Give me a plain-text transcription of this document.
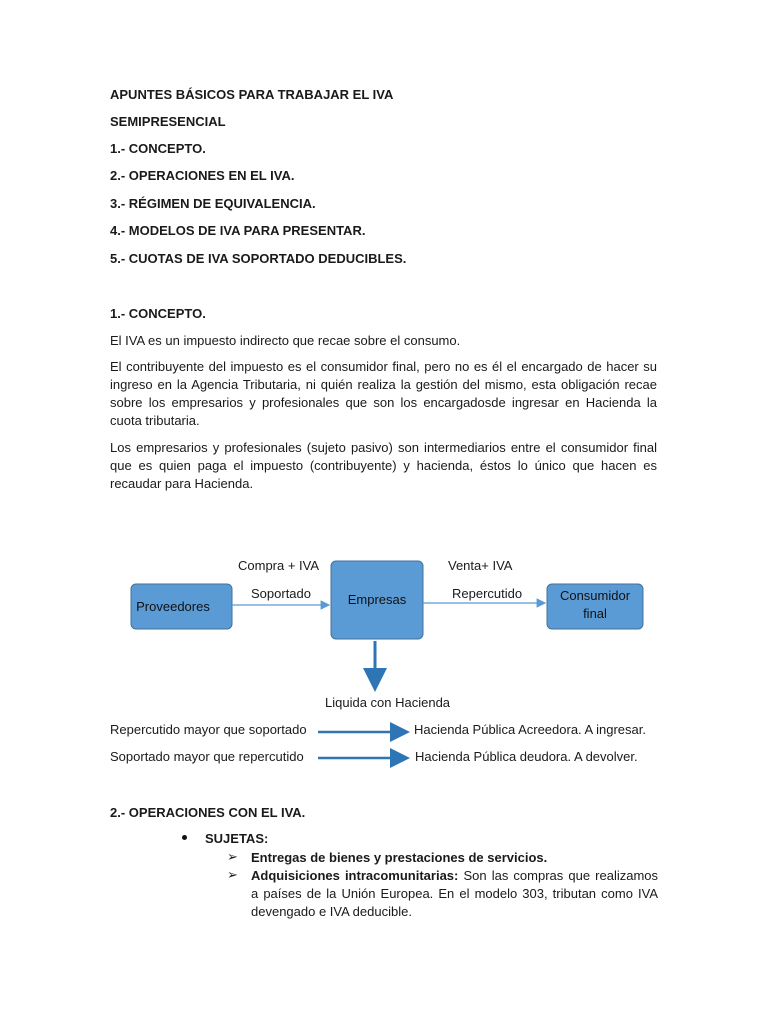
APUNTES BÁSICOS PARA TRABAJAR EL IVA
SEMIPRESENCIAL
1.- CONCEPTO.
2.- OPERACIONES EN EL IVA.
3.- RÉGIMEN DE EQUIVALENCIA.
4.- MODELOS DE IVA PARA PRESENTAR.
5.- CUOTAS DE IVA SOPORTADO DEDUCIBLES.
1.- CONCEPTO.
El IVA es un impuesto indirecto que recae sobre el consumo.
El contribuyente del impuesto es el consumidor final, pero no es él el encargado de hacer su ingreso en la Agencia Tributaria, ni quién realiza la gestión del mismo, esta obligación recae sobre los empresarios y profesionales que son los encargadosde ingresar en Hacienda la cuota tributaria.
Los empresarios y profesionales (sujeto pasivo) son intermediarios entre el consumidor final que es quien paga el impuesto (contribuyente) y hacienda, éstos lo único que hacen es recaudar para Hacienda.
Proveedores	Empresas	Consumidor
final
Compra + IVA
Soportado
Venta+ IVA
Repercutido
Liquida con Hacienda
Repercutido mayor que soportado	Hacienda Pública Acreedora. A ingresar.
Soportado mayor que repercutido	Hacienda Pública deudora. A devolver.
2.- OPERACIONES CON EL IVA.
SUJETAS:
➢ Entregas de bienes y prestaciones de servicios.
➢ Adquisiciones intracomunitarias: Son las compras que realizamos a países de la Unión Europea. En el modelo 303, tributan como IVA devengado e IVA deducible.
